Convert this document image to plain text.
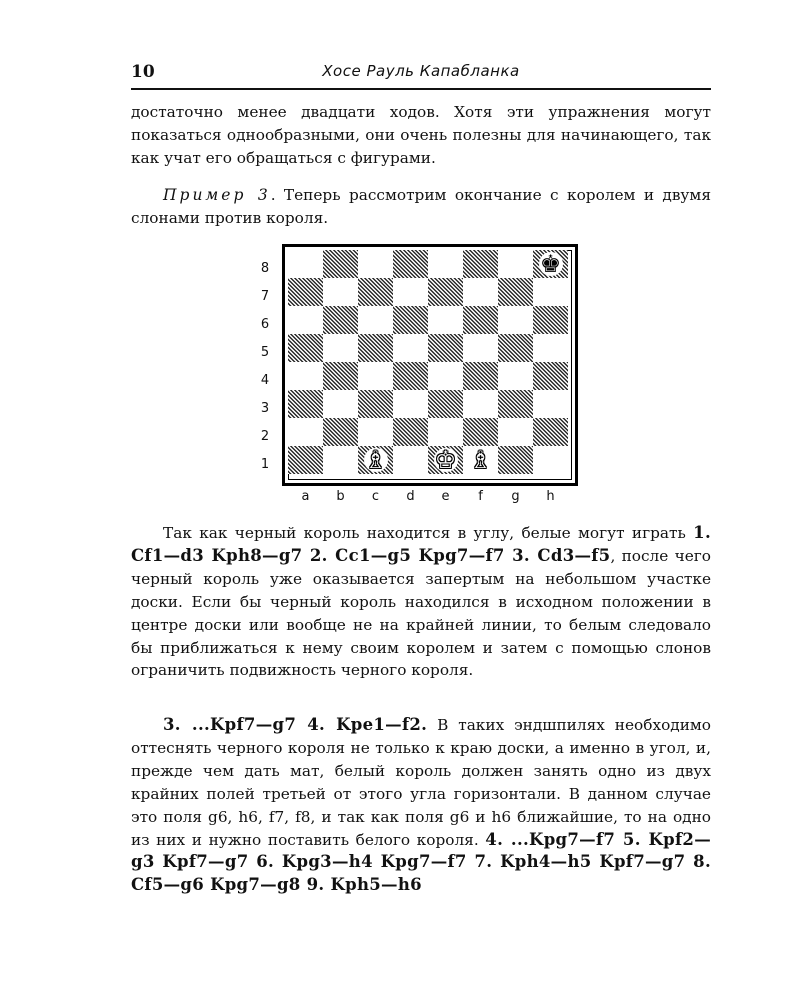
10	Хосе Рауль Капабланка

достаточно менее двадцати ходов. Хотя эти упражнения могут показаться однообразными, они очень полезны для начинающего, так как учат его обращаться с фигурами.

Пример 3. Теперь рассмотрим окончание с королем и двумя слонами против короля.

8
7
6
5
4
3
2
1
a	b	c	d	e	f	g	h
♚
♗ ♔ ♗

Так как черный король находится в углу, белые могут играть 1. Cf1—d3 Kph8—g7 2. Cc1—g5 Kpg7—f7 3. Cd3—f5, после чего черный король уже оказывается запертым на небольшом участке доски. Если бы черный король находился в исходном положении в центре доски или вообще не на крайней линии, то белым следовало бы приближаться к нему своим королем и затем с помощью слонов ограничить подвижность черного короля.

3. ...Kpf7—g7 4. Kpe1—f2. В таких эндшпилях необходимо оттеснять черного короля не только к краю доски, а именно в угол, и, прежде чем дать мат, белый король должен занять одно из двух крайних полей третьей от этого угла горизонтали. В данном случае это поля g6, h6, f7, f8, и так как поля g6 и h6 ближайшие, то на одно из них и нужно поставить белого короля. 4. ...Kpg7—f7 5. Kpf2—g3 Kpf7—g7 6. Kpg3—h4 Kpg7—f7 7. Kph4—h5 Kpf7—g7 8. Cf5—g6 Kpg7—g8 9. Kph5—h6
